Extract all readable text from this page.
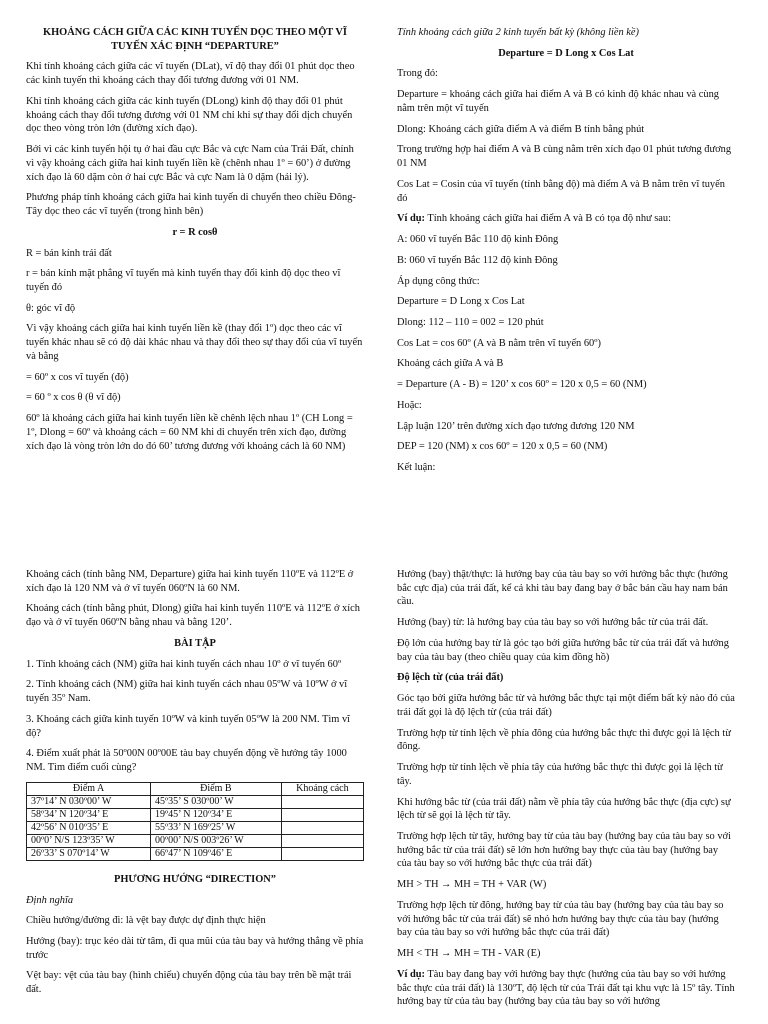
KHOẢNG CÁCH GIỮA CÁC KINH TUYẾN DỌC THEO MỘT VĨ TUYẾN XÁC ĐỊNH “DEPARTURE”

Khi tính khoảng cách giữa các vĩ tuyến (DLat), vĩ độ thay đổi 01 phút dọc theo các kinh tuyến thì khoảng cách thay đổi tương đương với 01 NM.

Khi tính khoảng cách giữa các kinh tuyến (DLong) kinh độ thay đổi 01 phút khoảng cách thay đổi tương đương với 01 NM chỉ khi sự thay đổi dịch chuyển dọc theo vòng tròn lớn (đường xích đạo).

Bởi vì các kinh tuyến hội tụ ở hai đầu cực Bắc và cực Nam của Trái Đất, chính vì vậy khoảng cách giữa hai kinh tuyến liền kề (chênh nhau 1º = 60’) ở đường xích đạo là 60 dặm còn ở hai cực Bắc và cực Nam là 0 dặm (hải lý).

Phương pháp tính khoảng cách giữa hai kinh tuyến di chuyển theo chiều Đông-Tây dọc theo các vĩ tuyến (trong hình bên)

r = R cosθ

R = bán kính trái đất

r = bán kính mặt phẳng vĩ tuyến mà kinh tuyến thay đổi kinh độ dọc theo vĩ tuyến đó

θ: góc vĩ độ

Vì vậy khoảng cách giữa hai kinh tuyến liền kề (thay đổi 1º) dọc theo các vĩ tuyến khác nhau sẽ có độ dài khác nhau và thay đổi theo sự thay đổi của vĩ tuyến và bằng

= 60º x cos vĩ tuyến (độ)

= 60 º x cos θ (θ vĩ độ)

60º là khoảng cách giữa hai kinh tuyến liền kề chênh lệch nhau 1º (CH Long = 1º, Dlong = 60º và khoảng cách = 60 NM khi di chuyển trên xích đạo, đường xích đạo là vòng tròn lớn do đó 60’ tương đương với khoảng cách là 60 NM)

Tính khoảng cách giữa 2 kinh tuyến bất kỳ (không liền kề)

Departure = D Long x Cos Lat

Trong đó:

Departure = khoảng cách giữa hai điểm A và B có kinh độ khác nhau và cùng nằm trên một vĩ tuyến

Dlong: Khoảng cách giữa điểm A và điểm B tính bằng phút

Trong trường hợp hai điểm A và B cùng nằm trên xích đạo 01 phút tương đương 01 NM

Cos Lat = Cosin của vĩ tuyến (tính bằng độ) mà điểm A và B nằm trên vĩ tuyến đó

Ví dụ: Tính khoảng cách giữa hai điểm A và B có tọa độ như sau:

A: 060 vĩ tuyến Bắc 110 độ kinh Đông

B: 060 vĩ tuyến Bắc 112 độ kinh Đông

Áp dụng công thức:

Departure = D Long x Cos Lat

Dlong: 112 – 110 = 002 = 120 phút

Cos Lat = cos 60º (A và B nằm trên vĩ tuyến 60º)

Khoảng cách giữa A và B

= Departure (A - B) = 120’ x cos 60º = 120 x 0,5 = 60 (NM)

Hoặc:

Lập luận 120’ trên đường xích đạo tương đương 120 NM

DEP = 120 (NM) x cos 60º = 120 x 0,5 = 60 (NM)

Kết luận:

Khoảng cách (tính bằng NM, Departure) giữa hai kinh tuyến 110ºE và 112ºE ở xích đạo là 120 NM và ở vĩ tuyến 060ºN là 60 NM.

Khoảng cách (tính bằng phút, Dlong) giữa hai kinh tuyến 110ºE và 112ºE ở xích đạo và ở vĩ tuyến 060ºN bằng nhau và bằng 120’.

BÀI TẬP

1. Tính khoảng cách (NM) giữa hai kinh tuyến cách nhau 10º ở vĩ tuyến 60º

2. Tính khoảng cách (NM) giữa hai kinh tuyến cách nhau 05ºW và 10ºW ở vĩ tuyến 35º Nam.

3. Khoảng cách giữa kinh tuyến 10ºW và kinh tuyến 05ºW là 200 NM. Tìm vĩ độ?

4. Điểm xuất phát là 50º00N 00º00E tàu bay chuyển động về hướng tây 1000 NM. Tìm điểm cuối cùng?

Điểm A	Điểm B	Khoảng cách
37º14’ N 030º00’ W	45º35’ S 030º00’ W	
58º34’ N 120º34’ E	19º45’ N 120º34’ E	
42º56’ N 010º35’ E	55º33’ N 169º25’ W	
00º0’ N/S 123º35’ W	00º00’ N/S 003º26’ W	
26º33’ S 070º14’ W	66º47’ N 109º46’ E	

PHƯƠNG HƯỚNG “DIRECTION”

Định nghĩa

Chiều hướng/đường đi: là vệt bay được dự định thực hiện

Hướng (bay): trục kéo dài từ tâm, đi qua mũi của tàu bay và hướng thẳng về phía trước

Vệt bay: vệt của tàu bay (hình chiếu) chuyển động của tàu bay trên bề mặt trái đất.

Hướng (bay) thật/thực: là hướng bay của tàu bay so với hướng bắc thực (hướng bắc cực địa) của trái đất, kể cả khi tàu bay đang bay ở bắc bán cầu hay nam bán cầu.

Hướng (bay) từ: là hướng bay của tàu bay so với hướng bắc từ của trái đất.

Độ lớn của hướng bay từ là góc tạo bởi giữa hướng bắc từ của trái đất và hướng bay của tàu bay (theo chiều quay của kim đồng hồ)

Độ lệch từ (của trái đất)

Góc tạo bởi giữa hướng bắc từ và hướng bắc thực tại một điểm bất kỳ nào đó của trái đất gọi là độ lệch từ (của trái đất)

Trường hợp từ tính lệch về phía đông của hướng bắc thực thì được gọi là lệch từ đông.

Trường hợp từ tính lệch về phía tây của hướng bắc thực thì được gọi là lệch từ tây.

Khi hướng bắc từ (của trái đất) nằm về phía tây của hướng bắc thực (địa cực) sự lệch từ sẽ gọi là lệch từ tây.

Trường hợp lệch từ tây, hướng bay từ của tàu bay (hướng bay của tàu bay so với hướng bắc từ của trái đất) sẽ lớn hơn hướng bay thực của tàu bay (hướng bay của tàu bay so với hướng bắc thực của trái đất)

MH > TH → MH = TH + VAR (W)

Trường hợp lệch từ đông, hướng bay từ của tàu bay (hướng bay của tàu bay so với hướng bắc từ của trái đất) sẽ nhỏ hơn hướng bay thực của tàu bay (hướng bay của tàu bay so với hướng bắc thực của trái đất)

MH < TH → MH = TH - VAR (E)

Ví dụ: Tàu bay đang bay với hướng bay thực (hướng của tàu bay so với hướng bắc thực của trái đất) là 130ºT, độ lệch từ của Trái đất tại khu vực là 15º tây. Tính hướng bay từ của tàu bay (hướng bay của tàu bay so với hướng
